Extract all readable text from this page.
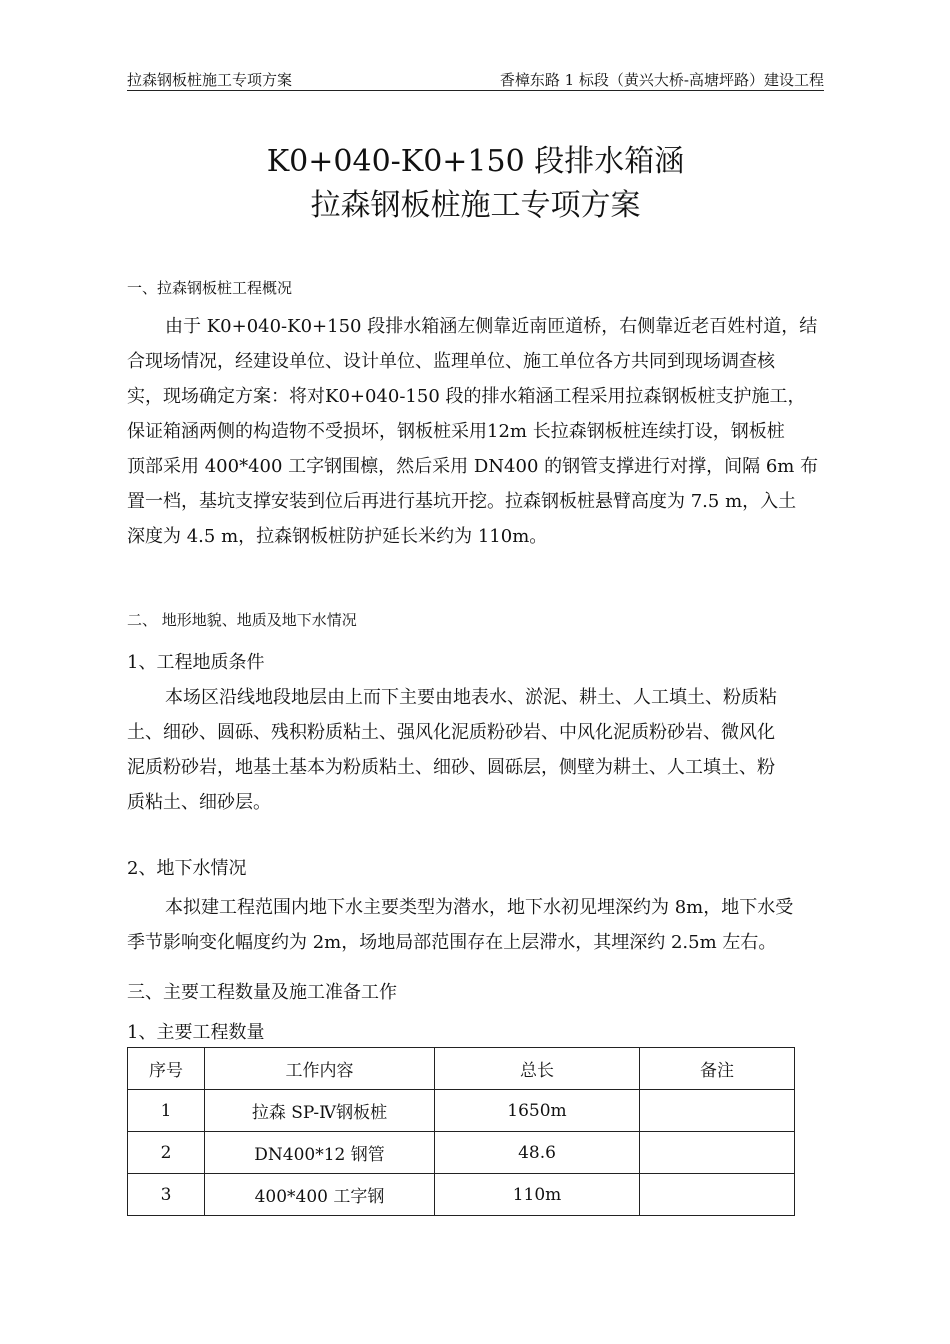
拉森钢板桩施工专项方案	香樟东路 1 标段（黄兴大桥-高塘坪路）建设工程
K0+040-K0+150 段排水箱涵
拉森钢板桩施工专项方案
一、拉森钢板桩工程概况
由于 K0+040-K0+150 段排水箱涵左侧靠近南匝道桥，右侧靠近老百姓村道，结
合现场情况，经建设单位、设计单位、监理单位、施工单位各方共同到现场调查核
实，现场确定方案：将对K0+040-150 段的排水箱涵工程采用拉森钢板桩支护施工，
保证箱涵两侧的构造物不受损坏，钢板桩采用12m 长拉森钢板桩连续打设，钢板桩
顶部采用 400*400 工字钢围檩，然后采用 DN400 的钢管支撑进行对撑，间隔 6m 布
置一档，基坑支撑安装到位后再进行基坑开挖。拉森钢板桩悬臂高度为 7.5 m，入土
深度为 4.5 m，拉森钢板桩防护延长米约为 110m。
二、 地形地貌、地质及地下水情况
1、工程地质条件
本场区沿线地段地层由上而下主要由地表水、淤泥、耕土、人工填土、粉质粘
土、细砂、圆砾、残积粉质粘土、强风化泥质粉砂岩、中风化泥质粉砂岩、微风化
泥质粉砂岩，地基土基本为粉质粘土、细砂、圆砾层，侧壁为耕土、人工填土、粉
质粘土、细砂层。
2、地下水情况
本拟建工程范围内地下水主要类型为潜水，地下水初见埋深约为 8m，地下水受
季节影响变化幅度约为 2m，场地局部范围存在上层滞水，其埋深约 2.5m 左右。
三、主要工程数量及施工准备工作
1、主要工程数量
序号	工作内容	总长	备注
1	拉森 SP-Ⅳ钢板桩	1650m	
2	DN400*12 钢管	48.6	
3	400*400 工字钢	110m	
